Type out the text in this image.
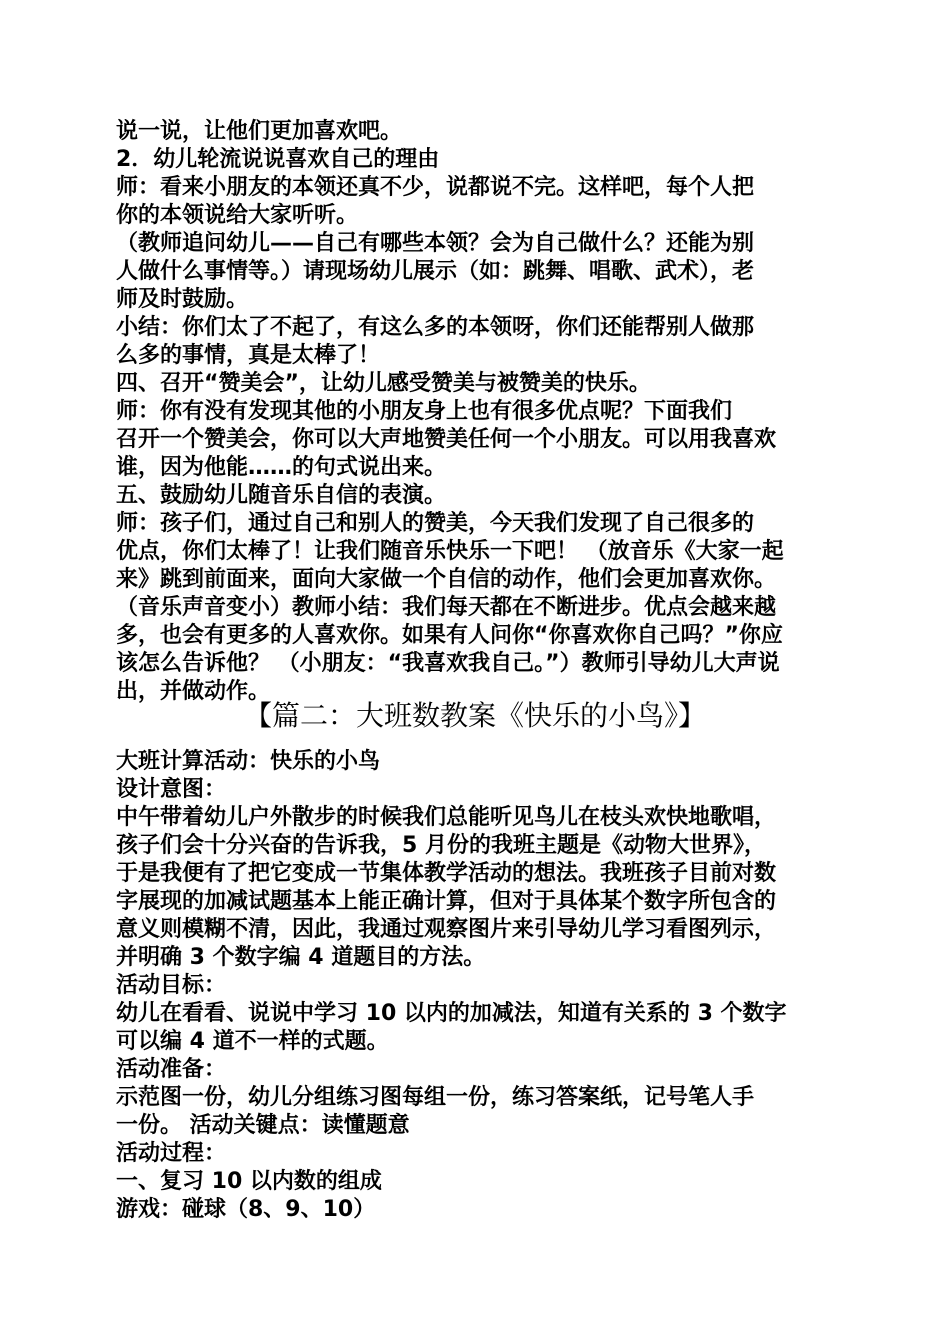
说一说，让他们更加喜欢吧。
2．幼儿轮流说说喜欢自己的理由
师：看来小朋友的本领还真不少，说都说不完。这样吧，每个人把
你的本领说给大家听听。
（教师追问幼儿——自己有哪些本领？会为自己做什么？还能为别
人做什么事情等。）请现场幼儿展示（如：跳舞、唱歌、武术），老
师及时鼓励。
小结：你们太了不起了，有这么多的本领呀，你们还能帮别人做那
么多的事情，真是太棒了！
四、召开“赞美会”，让幼儿感受赞美与被赞美的快乐。
师：你有没有发现其他的小朋友身上也有很多优点呢？下面我们
召开一个赞美会，你可以大声地赞美任何一个小朋友。可以用我喜欢
谁，因为他能……的句式说出来。
五、鼓励幼儿随音乐自信的表演。
师：孩子们，通过自己和别人的赞美，今天我们发现了自己很多的
优点，你们太棒了！让我们随音乐快乐一下吧！ （放音乐《大家一起
来》跳到前面来，面向大家做一个自信的动作，他们会更加喜欢你。
（音乐声音变小）教师小结：我们每天都在不断进步。优点会越来越
多，也会有更多的人喜欢你。如果有人问你“你喜欢你自己吗？”你应
该怎么告诉他？ （小朋友：“我喜欢我自己。”）教师引导幼儿大声说
出，并做动作。
【篇二：大班数教案《快乐的小鸟》】
大班计算活动：快乐的小鸟
设计意图：
中午带着幼儿户外散步的时候我们总能听见鸟儿在枝头欢快地歌唱，
孩子们会十分兴奋的告诉我，5 月份的我班主题是《动物大世界》，
于是我便有了把它变成一节集体教学活动的想法。我班孩子目前对数
字展现的加减试题基本上能正确计算，但对于具体某个数字所包含的
意义则模糊不清，因此，我通过观察图片来引导幼儿学习看图列示，
并明确 3 个数字编 4 道题目的方法。
活动目标：
幼儿在看看、说说中学习 10 以内的加减法，知道有关系的 3 个数字
可以编 4 道不一样的式题。
活动准备：
示范图一份，幼儿分组练习图每组一份，练习答案纸，记号笔人手
一份。 活动关键点：读懂题意
活动过程：
一、复习 10 以内数的组成
游戏：碰球（8、9、10）
